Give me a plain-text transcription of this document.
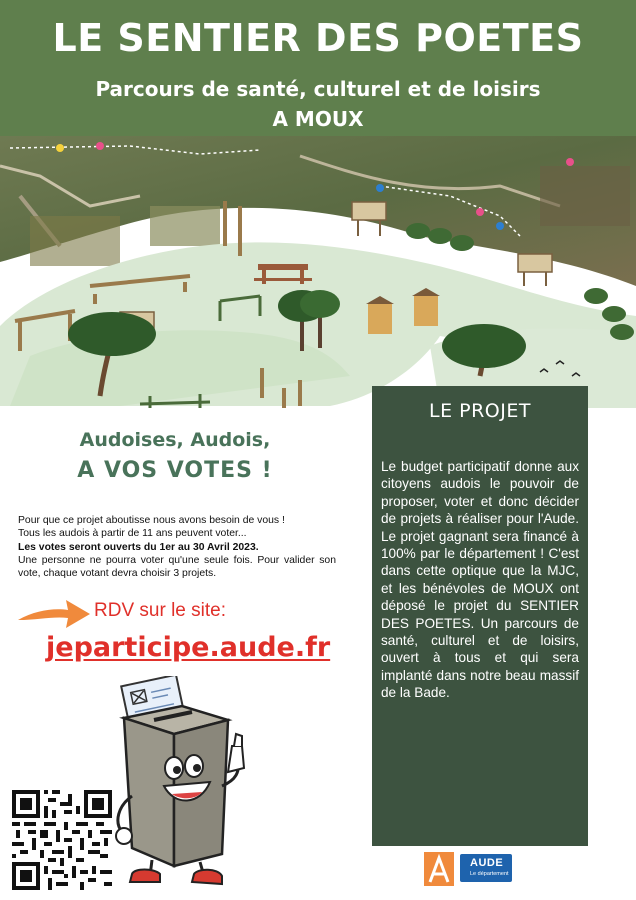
LE SENTIER DES POETES
Parcours de santé, culturel et de loisirs
A MOUX
LE PROJET

Le budget participatif donne aux citoyens audois le pouvoir de proposer, voter et donc décider de projets à réaliser pour l'Aude. Le projet gagnant sera financé à 100% par le département ! C'est dans cette optique que la MJC, et les bénévoles de MOUX ont déposé le projet du SENTIER DES POETES. Un parcours de santé, culturel et de loisirs, ouvert à tous et qui sera implanté dans notre beau massif de la Bade.

Audoises, Audois,
A VOS VOTES !
Pour que ce projet aboutisse nous avons besoin de vous !
Tous les audois à partir de 11 ans peuvent voter...
Les votes seront ouverts du 1er au 30 Avril 2023.
Une personne ne pourra voter qu'une seule fois. Pour valider son vote, chaque votant devra choisir 3 projets.
RDV sur le site:
jeparticipe.aude.fr
AUDE
Le département
